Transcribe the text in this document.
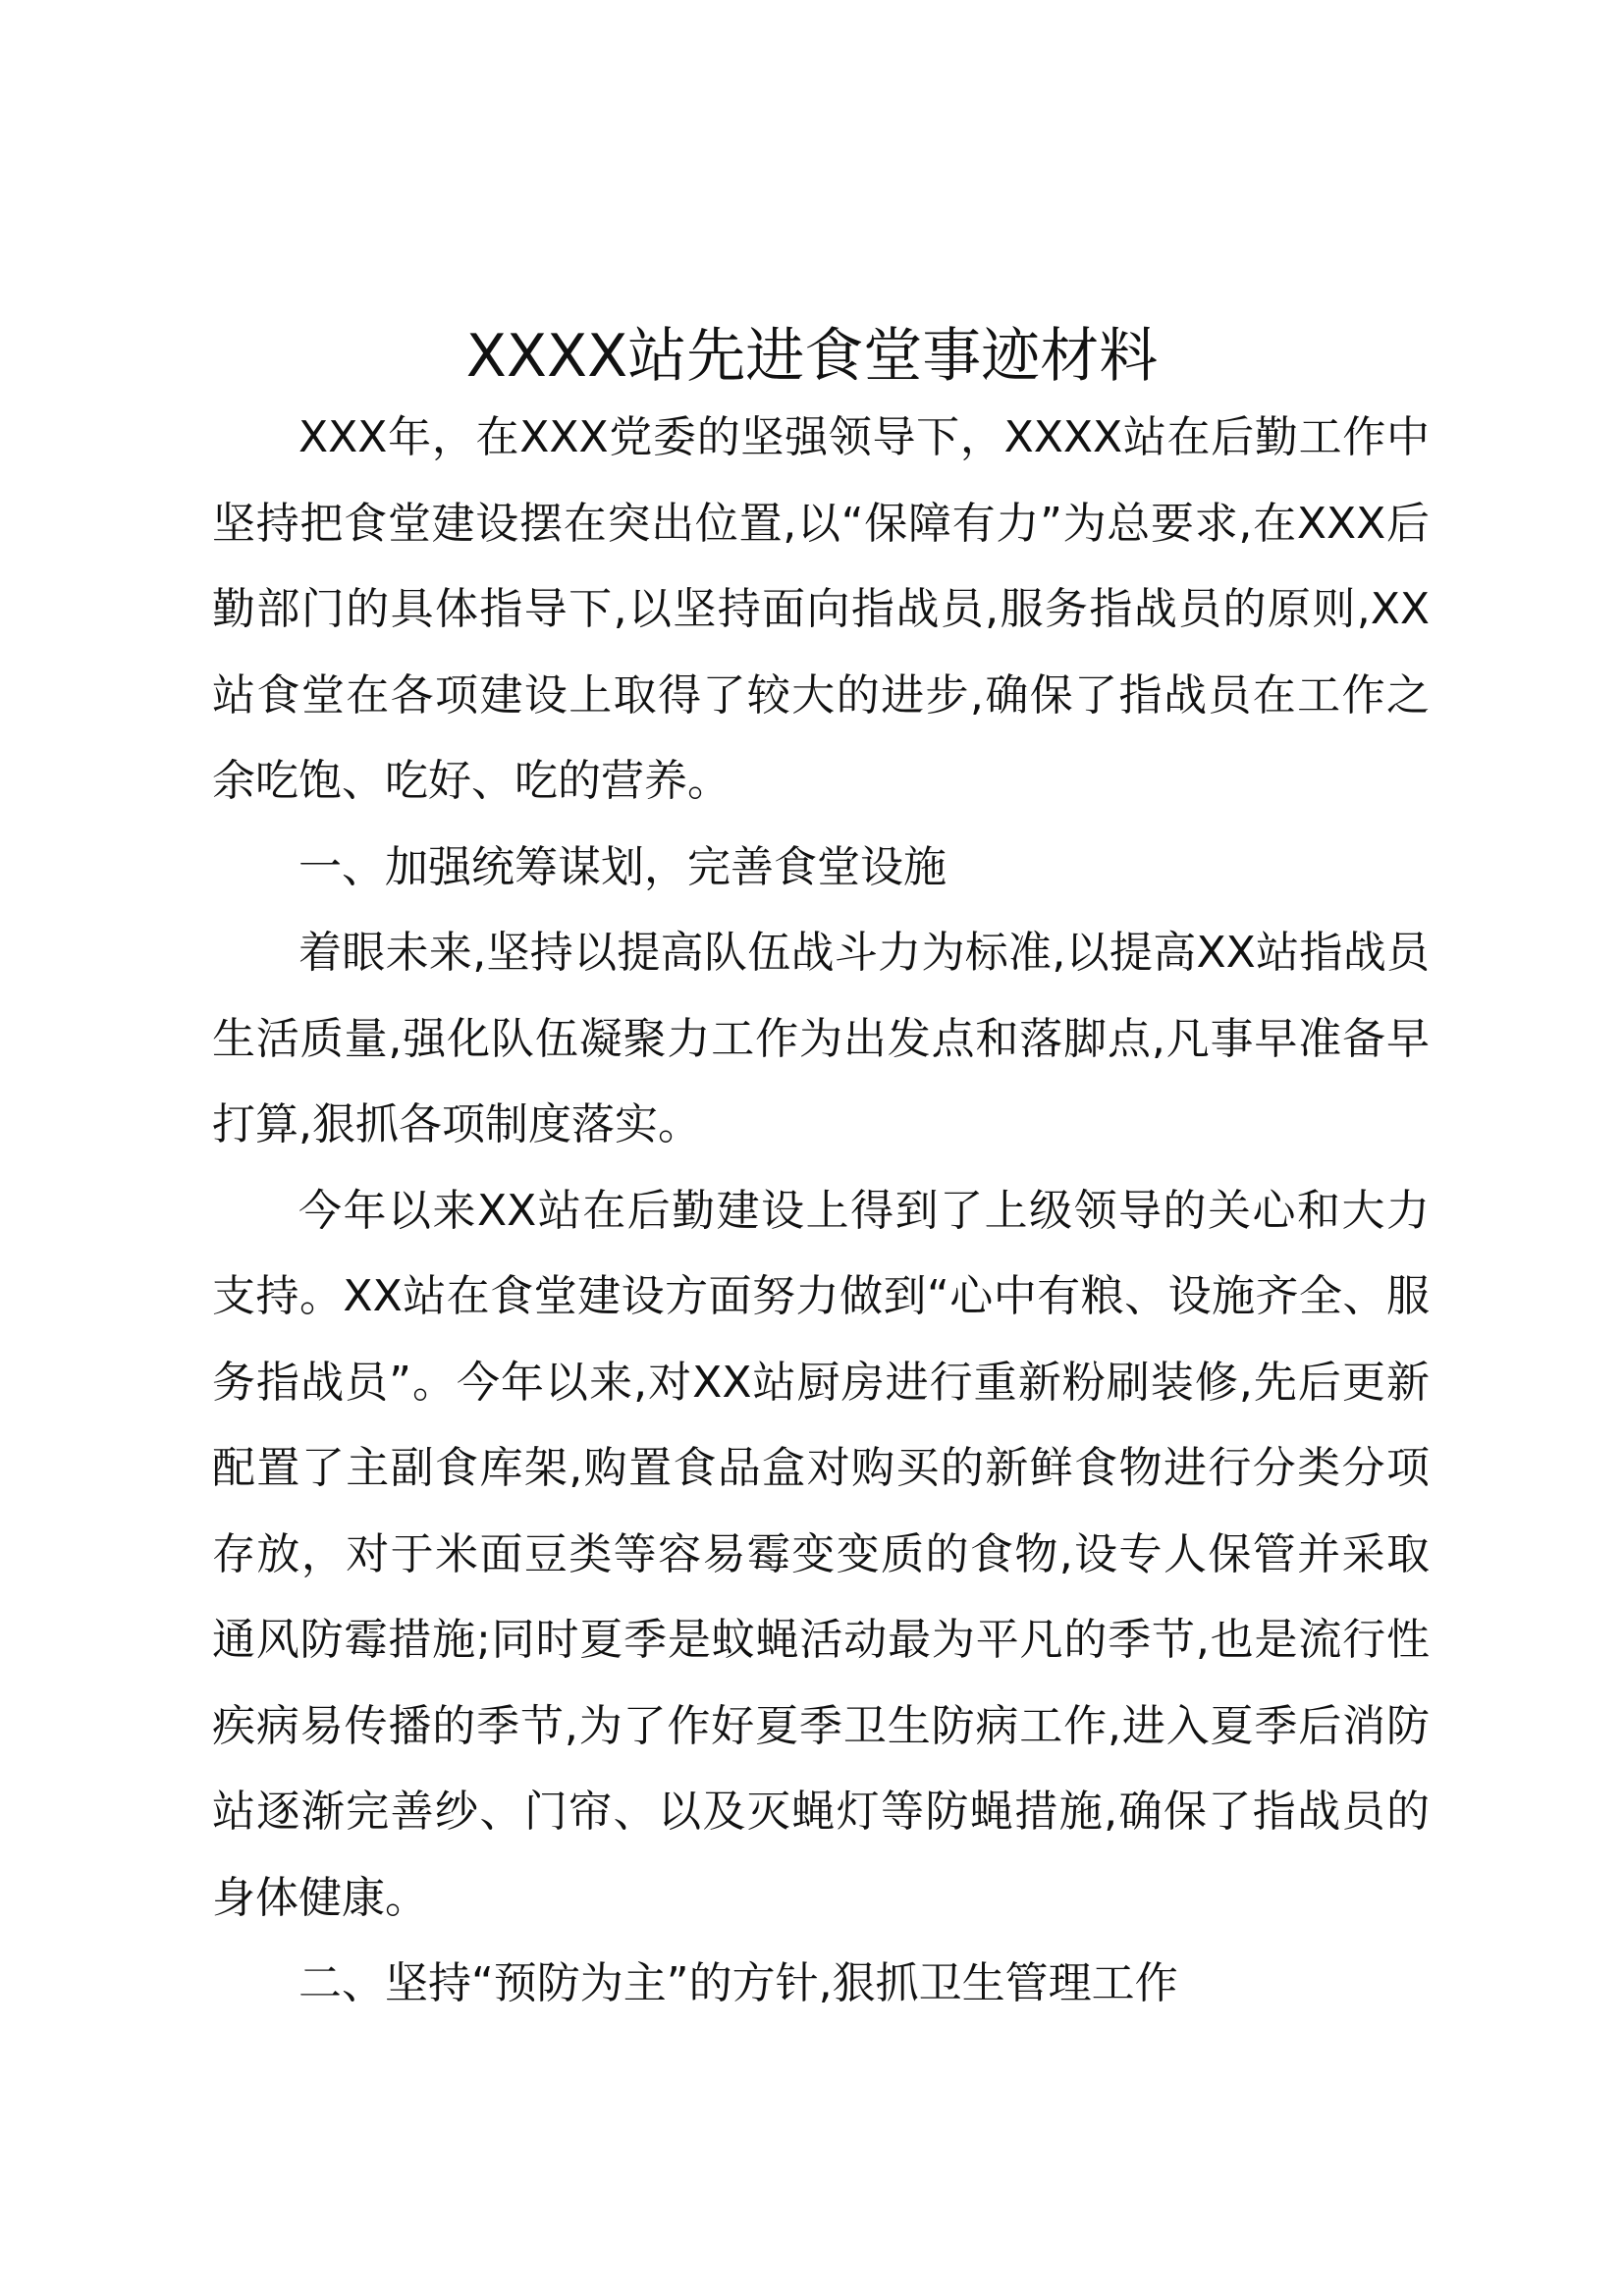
XXXX站先进食堂事迹材料

XXX年，在XXX党委的坚强领导下，XXXX站在后勤工作中坚持把食堂建设摆在突出位置,以“保障有力”为总要求,在XXX后勤部门的具体指导下,以坚持面向指战员,服务指战员的原则,XX站食堂在各项建设上取得了较大的进步,确保了指战员在工作之余吃饱、吃好、吃的营养。

一、加强统筹谋划，完善食堂设施

着眼未来,坚持以提高队伍战斗力为标准,以提高XX站指战员生活质量,强化队伍凝聚力工作为出发点和落脚点,凡事早准备早打算,狠抓各项制度落实。

今年以来XX站在后勤建设上得到了上级领导的关心和大力支持。XX站在食堂建设方面努力做到“心中有粮、设施齐全、服务指战员”。今年以来,对XX站厨房进行重新粉刷装修,先后更新配置了主副食库架,购置食品盒对购买的新鲜食物进行分类分项存放，对于米面豆类等容易霉变变质的食物,设专人保管并采取通风防霉措施;同时夏季是蚊蝇活动最为平凡的季节,也是流行性疾病易传播的季节,为了作好夏季卫生防病工作,进入夏季后消防站逐渐完善纱、门帘、以及灭蝇灯等防蝇措施,确保了指战员的身体健康。

二、坚持“预防为主”的方针,狠抓卫生管理工作
